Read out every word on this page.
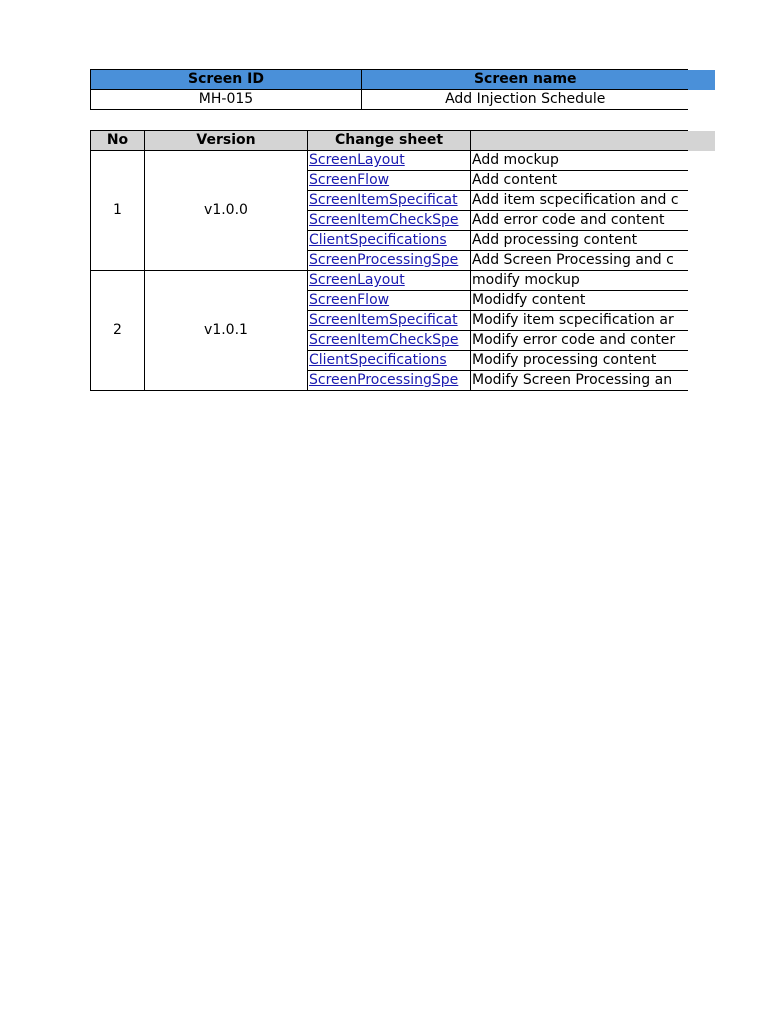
Screen ID	Screen name
MH-015	Add Injection Schedule
No	Version	Change sheet	
1	v1.0.0	ScreenLayout	Add mockup
		ScreenFlow	Add content
		ScreenItemSpecificat	Add item scpecification and c
		ScreenItemCheckSpe	Add error code and content
		ClientSpecifications	Add processing content
		ScreenProcessingSpe	Add Screen Processing and c
2	v1.0.1	ScreenLayout	modify mockup
		ScreenFlow	Modidfy content
		ScreenItemSpecificat	Modify item scpecification ar
		ScreenItemCheckSpe	Modify error code and conter
		ClientSpecifications	Modify processing content
		ScreenProcessingSpe	Modify Screen Processing an
